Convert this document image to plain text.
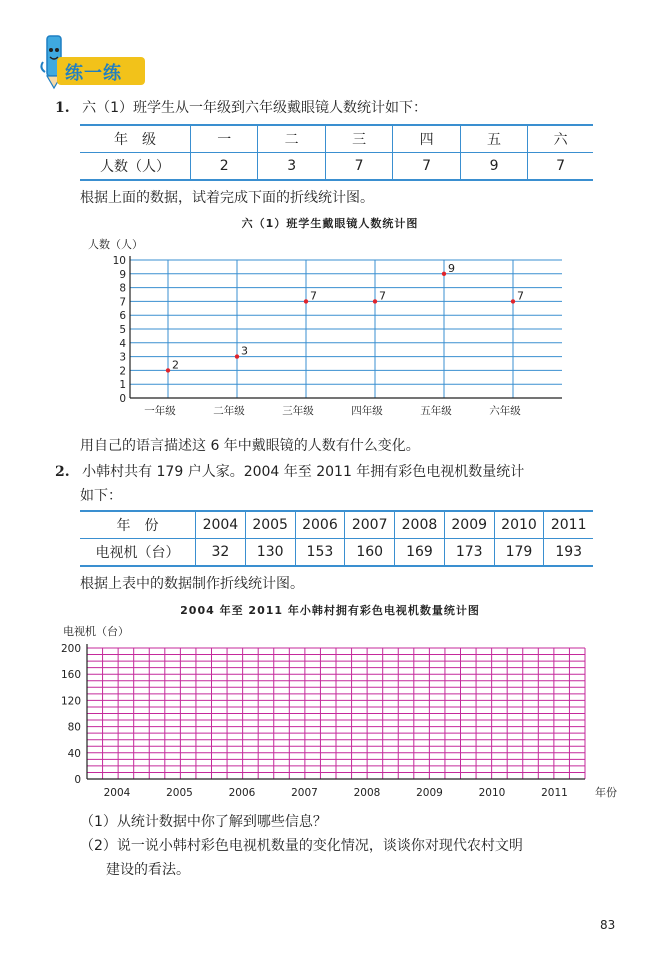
练一练
1. 六（1）班学生从一年级到六年级戴眼镜人数统计如下：
年　级	一	二	三	四	五	六
人数（人）	2	3	7	7	9	7
根据上面的数据，试着完成下面的折线统计图。
六（1）班学生戴眼镜人数统计图
人数（人）
0
1
2
3
4
5
6
7
8
9
10
一年级	二年级	三年级	四年级	五年级	六年级
2
3
7	7
9
7
用自己的语言描述这 6 年中戴眼镜的人数有什么变化。
2. 小韩村共有 179 户人家。2004 年至 2011 年拥有彩色电视机数量统计
如下：
年　份	2004	2005	2006	2007	2008	2009	2010	2011
电视机（台）	32	130	153	160	169	173	179	193
根据上表中的数据制作折线统计图。
2004 年至 2011 年小韩村拥有彩色电视机数量统计图
电视机（台）
0
40
80
120
160
200
2004	2005	2006	2007	2008	2009	2010	2011 年份
（1）从统计数据中你了解到哪些信息？
（2）说一说小韩村彩色电视机数量的变化情况，谈谈你对现代农村文明
建设的看法。
83
